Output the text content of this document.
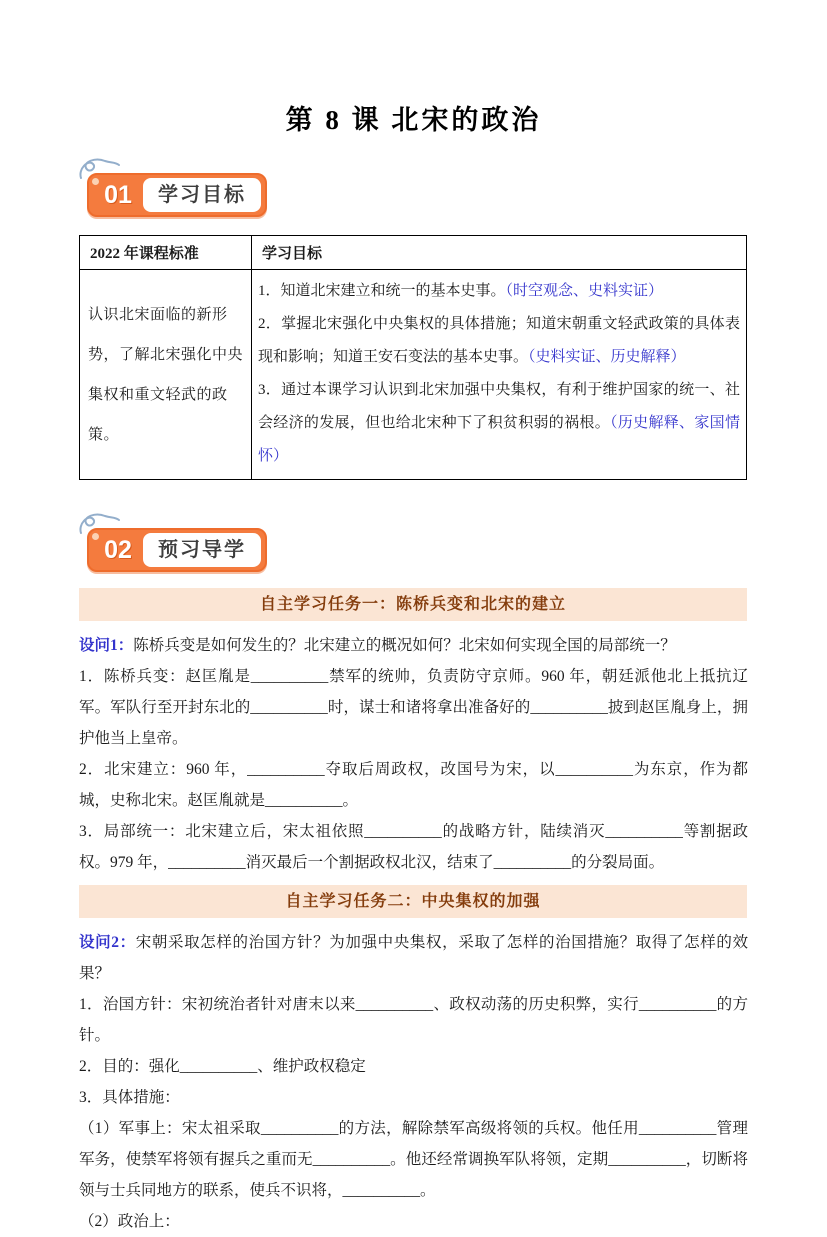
第 8 课 北宋的政治
01	学习目标
2022 年课程标准	学习目标
认识北宋面临的新形势，了解北宋强化中央集权和重文轻武的政策。	1．知道北宋建立和统一的基本史事。（时空观念、史料实证）

2．掌握北宋强化中央集权的具体措施；知道宋朝重文轻武政策的具体表现和影响；知道王安石变法的基本史事。（史料实证、历史解释）

3．通过本课学习认识到北宋加强中央集权，有利于维护国家的统一、社会经济的发展，但也给北宋种下了积贫积弱的祸根。（历史解释、家国情怀）

02	预习导学
自主学习任务一：陈桥兵变和北宋的建立

设问1：陈桥兵变是如何发生的？北宋建立的概况如何？北宋如何实现全国的局部统一？

1．陈桥兵变：赵匡胤是__________禁军的统帅，负责防守京师。960 年，朝廷派他北上抵抗辽军。军队行至开封东北的__________时，谋士和诸将拿出准备好的__________披到赵匡胤身上，拥护他当上皇帝。

2．北宋建立：960 年，__________夺取后周政权，改国号为宋，以__________为东京，作为都城，史称北宋。赵匡胤就是__________。

3．局部统一：北宋建立后，宋太祖依照__________的战略方针，陆续消灭__________等割据政权。979 年，__________消灭最后一个割据政权北汉，结束了__________的分裂局面。

自主学习任务二：中央集权的加强

设问2：宋朝采取怎样的治国方针？为加强中央集权，采取了怎样的治国措施？取得了怎样的效果？

1．治国方针：宋初统治者针对唐末以来__________、政权动荡的历史积弊，实行__________的方针。

2．目的：强化__________、维护政权稳定

3．具体措施：

（1）军事上：宋太祖采取__________的方法，解除禁军高级将领的兵权。他任用__________管理军务，使禁军将领有握兵之重而无__________。他还经常调换军队将领，定期__________，切断将领与士兵同地方的联系，使兵不识将，__________。

（2）政治上：
